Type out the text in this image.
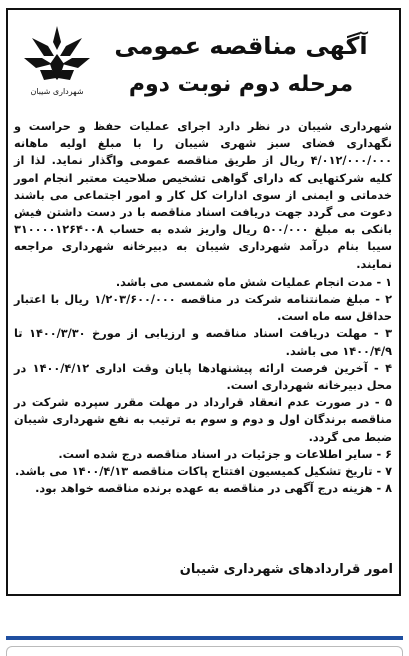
شهرداری شیبان
آگهی مناقصه عمومی
مرحله دوم نوبت دوم

شهرداری شیبان در نظر دارد اجرای عملیات حفظ و حراست و نگهداری فضای سبز شهری شیبان را با مبلغ اولیه ماهانه ۴/۰۱۲/۰۰۰/۰۰۰ ریال از طریق مناقصه عمومی واگذار نماید. لذا از کلیه شرکتهایی که دارای گواهی تشخیص صلاحیت معتبر انجام امور خدماتی و ایمنی از سوی ادارات کل کار و امور اجتماعی می باشند دعوت می گردد جهت دریافت اسناد مناقصه با در دست داشتن فیش بانکی به مبلغ ۵۰۰/۰۰۰ ریال واریز شده به حساب ۳۱۰۰۰۰۱۲۶۴۰۰۸ سیبا بنام درآمد شهرداری شیبان به دبیرخانه شهرداری مراجعه نمایند.

۱ - مدت انجام عملیات شش ماه شمسی می باشد.

۲ - مبلغ ضمانتنامه شرکت در مناقصه ۱/۲۰۳/۶۰۰/۰۰۰ ریال با اعتبار حداقل سه ماه است.

۳ - مهلت دریافت اسناد مناقصه و ارزیابی از مورخ ۱۴۰۰/۳/۳۰ تا ۱۴۰۰/۴/۹ می باشد.

۴ - آخرین فرصت ارائه پیشنهادها پایان وقت اداری ۱۴۰۰/۴/۱۲ در محل دبیرخانه شهرداری است.

۵ - در صورت عدم انعقاد قرارداد در مهلت مقرر سپرده شرکت در مناقصه برندگان اول و دوم و سوم به ترتیب به نفع شهرداری شیبان ضبط می گردد.

۶ - سایر اطلاعات و جزئیات در اسناد مناقصه درج شده است.

۷ - تاریخ تشکیل کمیسیون افتتاح پاکات مناقصه ۱۴۰۰/۴/۱۳ می باشد.

۸ - هزینه درج آگهی در مناقصه به عهده برنده مناقصه خواهد بود.

امور قراردادهای شهرداری شیبان
